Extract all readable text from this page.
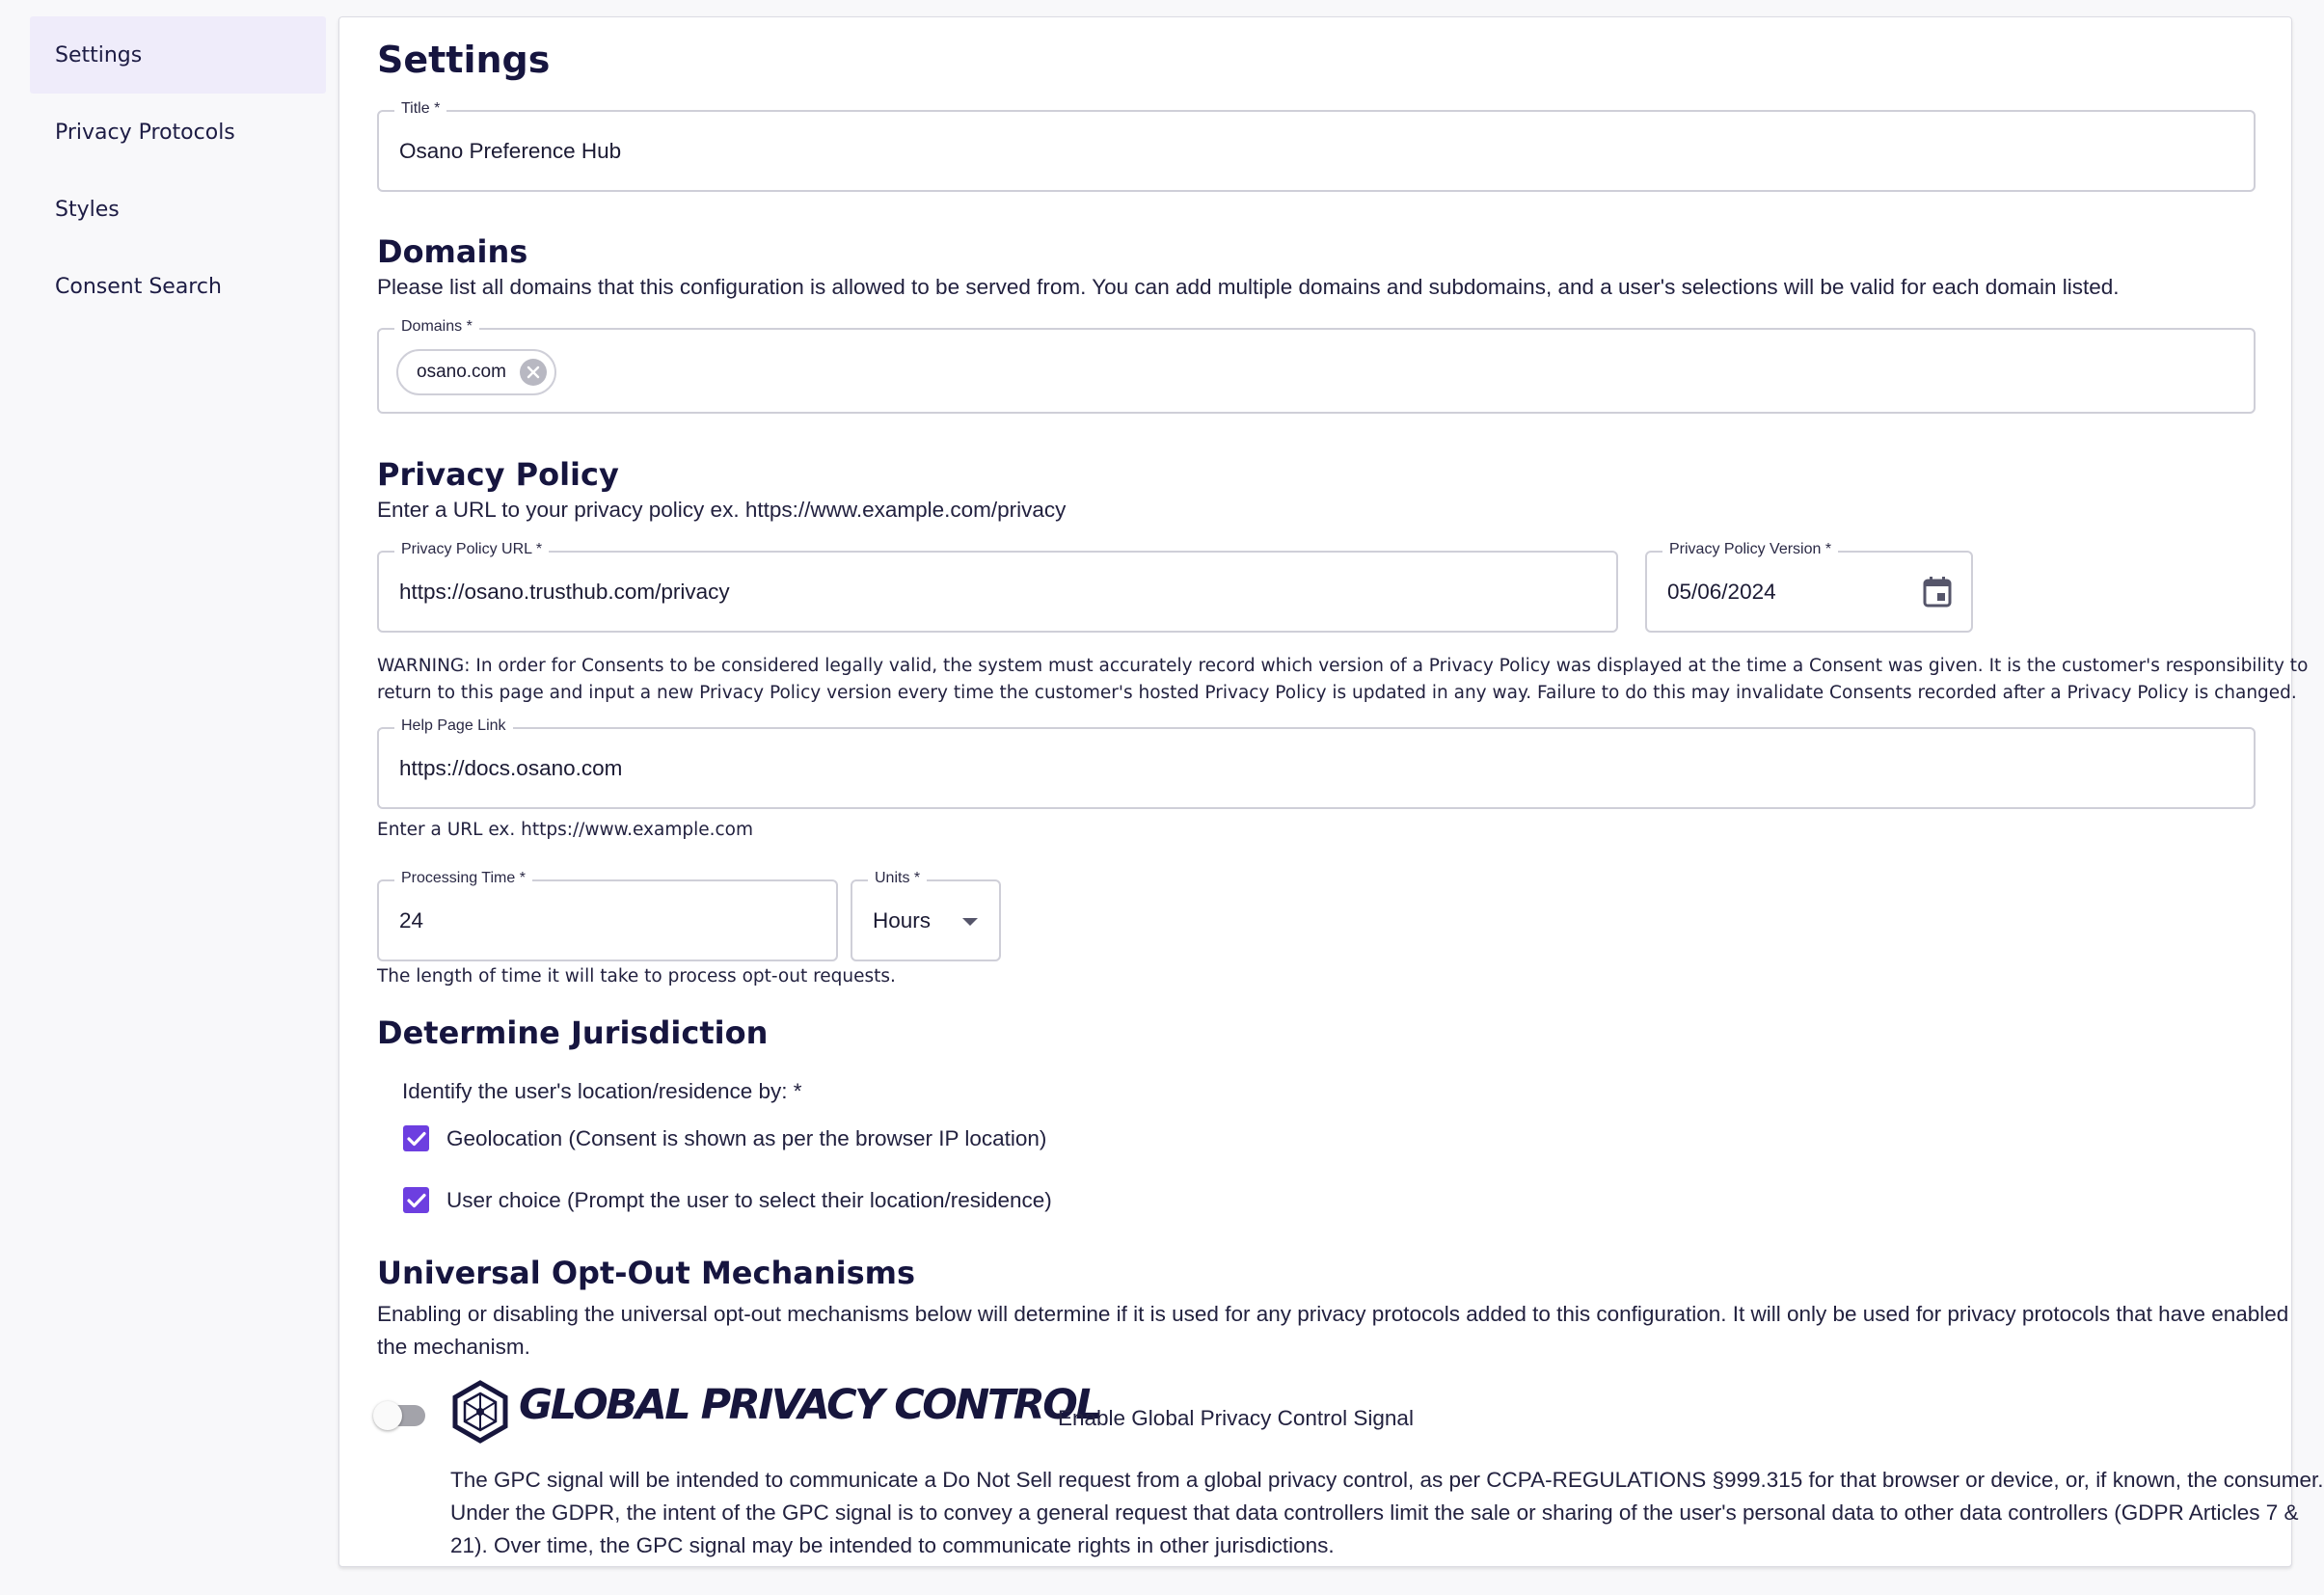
Settings
Privacy Protocols
Styles
Consent Search
Settings
Title *
Osano Preference Hub
Domains
Please list all domains that this configuration is allowed to be served from. You can add multiple domains and subdomains, and a user's selections will be valid for each domain listed.
Domains *
osano.com
Privacy Policy
Enter a URL to your privacy policy ex. https://www.example.com/privacy
Privacy Policy URL *
https://osano.trusthub.com/privacy	Privacy Policy Version *
05/06/2024
WARNING: In order for Consents to be considered legally valid, the system must accurately record which version of a Privacy Policy was displayed at the time a Consent was given. It is the customer's responsibility to
return to this page and input a new Privacy Policy version every time the customer's hosted Privacy Policy is updated in any way. Failure to do this may invalidate Consents recorded after a Privacy Policy is changed.
Help Page Link
https://docs.osano.com
Enter a URL ex. https://www.example.com
Processing Time *
24	Units *
Hours
The length of time it will take to process opt-out requests.
Determine Jurisdiction
Identify the user's location/residence by: *
Geolocation (Consent is shown as per the browser IP location)
User choice (Prompt the user to select their location/residence)
Universal Opt-Out Mechanisms
Enabling or disabling the universal opt-out mechanisms below will determine if it is used for any privacy protocols added to this configuration. It will only be used for privacy protocols that have enabled
the mechanism.
GLOBAL PRIVACY CONTROL
Enable Global Privacy Control Signal
The GPC signal will be intended to communicate a Do Not Sell request from a global privacy control, as per CCPA-REGULATIONS §999.315 for that browser or device, or, if known, the consumer.
Under the GDPR, the intent of the GPC signal is to convey a general request that data controllers limit the sale or sharing of the user's personal data to other data controllers (GDPR Articles 7 &
21). Over time, the GPC signal may be intended to communicate rights in other jurisdictions.
